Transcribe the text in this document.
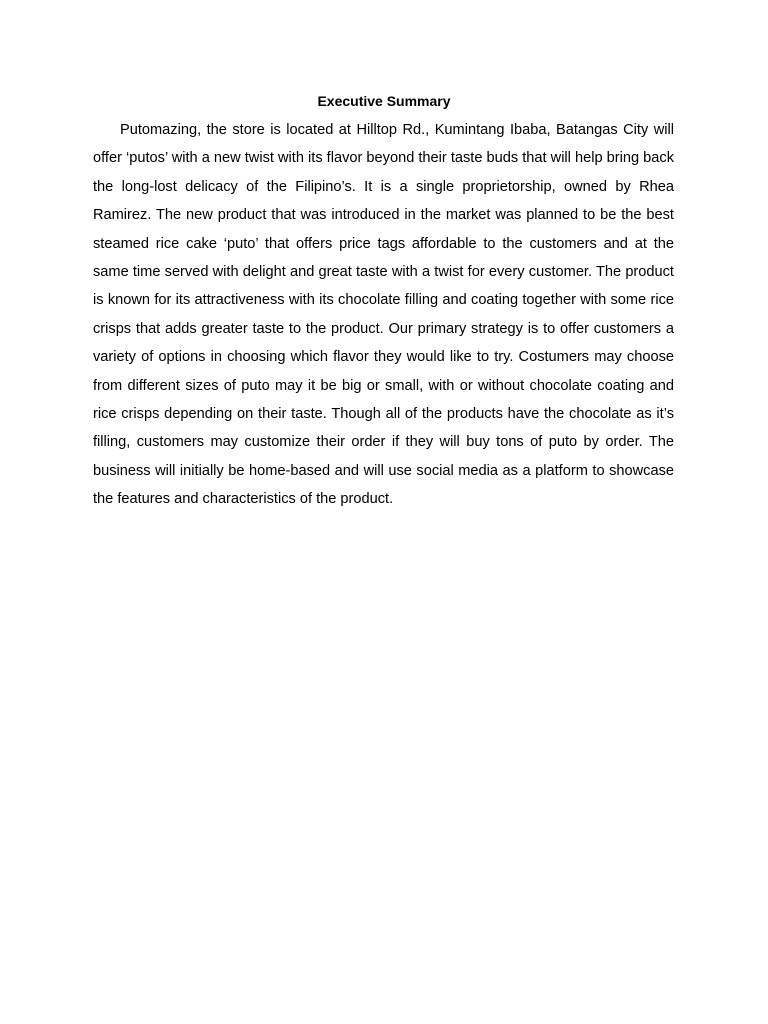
Executive Summary

Putomazing, the store is located at Hilltop Rd., Kumintang Ibaba, Batangas City will offer ‘putos’ with a new twist with its flavor beyond their taste buds that will help bring back the long-lost delicacy of the Filipino’s. It is a single proprietorship, owned by Rhea Ramirez. The new product that was introduced in the market was planned to be the best steamed rice cake ‘puto’ that offers price tags affordable to the customers and at the same time served with delight and great taste with a twist for every customer. The product is known for its attractiveness with its chocolate filling and coating together with some rice crisps that adds greater taste to the product. Our primary strategy is to offer customers a variety of options in choosing which flavor they would like to try. Costumers may choose from different sizes of puto may it be big or small, with or without chocolate coating and rice crisps depending on their taste. Though all of the products have the chocolate as it’s filling, customers may customize their order if they will buy tons of puto by order. The business will initially be home-based and will use social media as a platform to showcase the features and characteristics of the product.
